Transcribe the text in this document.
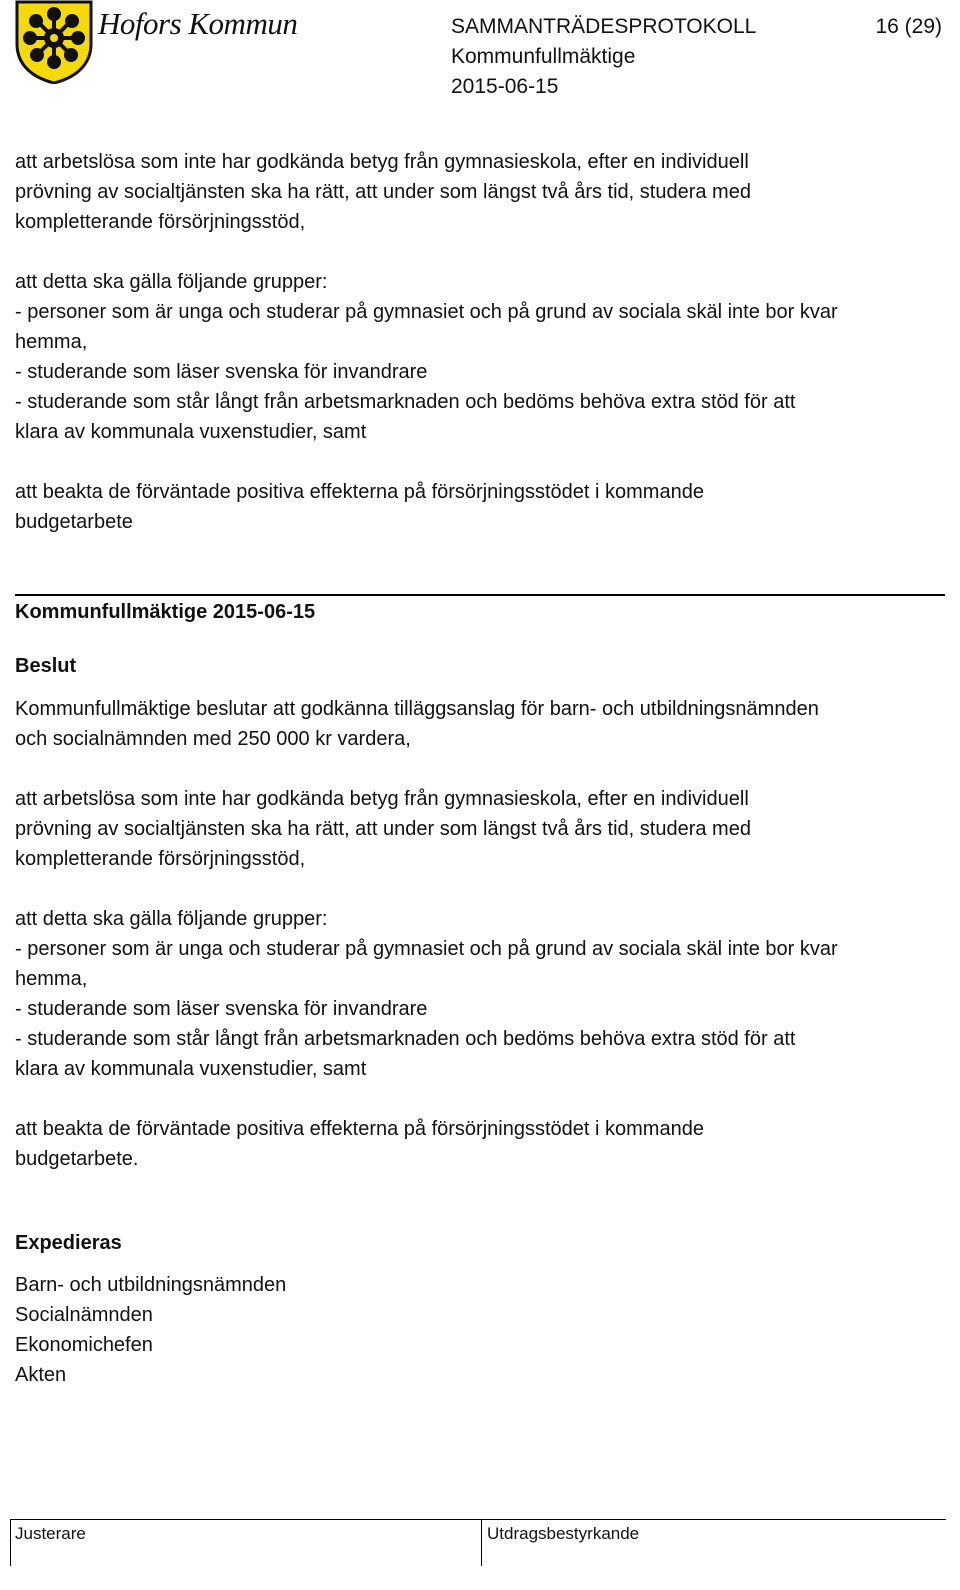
Hofors Kommun	SAMMANTRÄDESPROTOKOLL
Kommunfullmäktige
2015-06-15
16 (29)

att arbetslösa som inte har godkända betyg från gymnasieskola, efter en individuell
prövning av socialtjänsten ska ha rätt, att under som längst två års tid, studera med
kompletterande försörjningsstöd,

att detta ska gälla följande grupper:
- personer som är unga och studerar på gymnasiet och på grund av sociala skäl inte bor kvar
hemma,
- studerande som läser svenska för invandrare
- studerande som står långt från arbetsmarknaden och bedöms behöva extra stöd för att
klara av kommunala vuxenstudier, samt

att beakta de förväntade positiva effekterna på försörjningsstödet i kommande
budgetarbete

Kommunfullmäktige 2015-06-15
Beslut

Kommunfullmäktige beslutar att godkänna tilläggsanslag för barn- och utbildningsnämnden
och socialnämnden med 250 000 kr vardera,

att arbetslösa som inte har godkända betyg från gymnasieskola, efter en individuell
prövning av socialtjänsten ska ha rätt, att under som längst två års tid, studera med
kompletterande försörjningsstöd,

att detta ska gälla följande grupper:
- personer som är unga och studerar på gymnasiet och på grund av sociala skäl inte bor kvar
hemma,
- studerande som läser svenska för invandrare
- studerande som står långt från arbetsmarknaden och bedöms behöva extra stöd för att
klara av kommunala vuxenstudier, samt

att beakta de förväntade positiva effekterna på försörjningsstödet i kommande
budgetarbete.

Expedieras
Barn- och utbildningsnämnden
Socialnämnden
Ekonomichefen
Akten
Justerare	Utdragsbestyrkande
